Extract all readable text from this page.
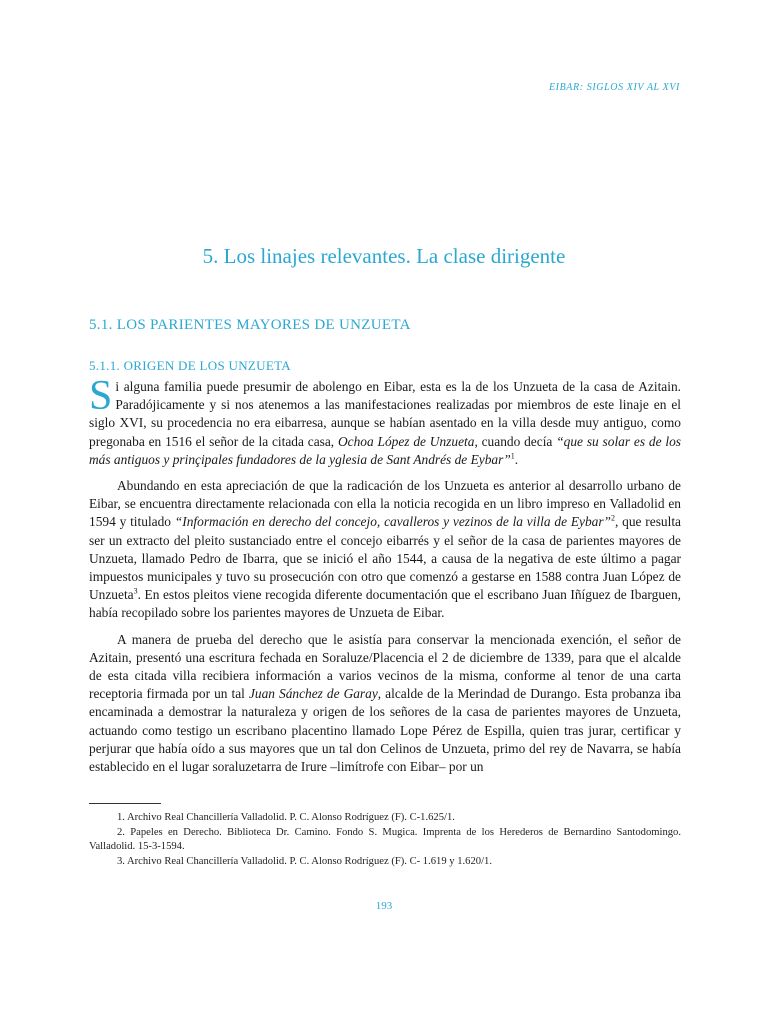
EIBAR: SIGLOS XIV AL XVI
5. Los linajes relevantes. La clase dirigente
5.1. LOS PARIENTES MAYORES DE UNZUETA
5.1.1. ORIGEN DE LOS UNZUETA

Si alguna familia puede presumir de abolengo en Eibar, esta es la de los Unzueta de la casa de Azitain. Paradójicamente y si nos atenemos a las manifestaciones realizadas por miembros de este linaje en el siglo XVI, su procedencia no era eibarresa, aunque se habían asentado en la villa desde muy antiguo, como pregonaba en 1516 el señor de la citada casa, Ochoa López de Unzueta, cuando decía “que su solar es de los más antiguos y prinçipales fundadores de la yglesia de Sant Andrés de Eybar”$^1$.

Abundando en esta apreciación de que la radicación de los Unzueta es anterior al desarrollo urbano de Eibar, se encuentra directamente relacionada con ella la noticia recogida en un libro impreso en Valladolid en 1594 y titulado “Información en derecho del concejo, cavalleros y vezinos de la villa de Eybar”$^2$, que resulta ser un extracto del pleito sustanciado entre el concejo eibarrés y el señor de la casa de parientes mayores de Unzueta, llamado Pedro de Ibarra, que se inició el año 1544, a causa de la negativa de este último a pagar impuestos municipales y tuvo su prosecución con otro que comenzó a gestarse en 1588 contra Juan López de Unzueta$^3$. En estos pleitos viene recogida diferente documentación que el escribano Juan Iñíguez de Ibarguen, había recopilado sobre los parientes mayores de Unzueta de Eibar.

A manera de prueba del derecho que le asistía para conservar la mencionada exención, el señor de Azitain, presentó una escritura fechada en Soraluze/Placencia el 2 de diciembre de 1339, para que el alcalde de esta citada villa recibiera información a varios vecinos de la misma, conforme al tenor de una carta receptoria firmada por un tal Juan Sánchez de Garay, alcalde de la Merindad de Durango. Esta probanza iba encaminada a demostrar la naturaleza y origen de los señores de la casa de parientes mayores de Unzueta, actuando como testigo un escribano placentino llamado Lope Pérez de Espilla, quien tras jurar, certificar y perjurar que había oído a sus mayores que un tal don Celinos de Unzueta, primo del rey de Navarra, se había establecido en el lugar soraluzetarra de Irure –limítrofe con Eibar– por un

1. Archivo Real Chancillería Valladolid. P. C. Alonso Rodríguez (F). C-1.625/1.
2. Papeles en Derecho. Biblioteca Dr. Camino. Fondo S. Mugica. Imprenta de los Herederos de Bernardino Santodomingo. Valladolid. 15-3-1594.
3. Archivo Real Chancillería Valladolid. P. C. Alonso Rodríguez (F). C- 1.619 y 1.620/1.
193
